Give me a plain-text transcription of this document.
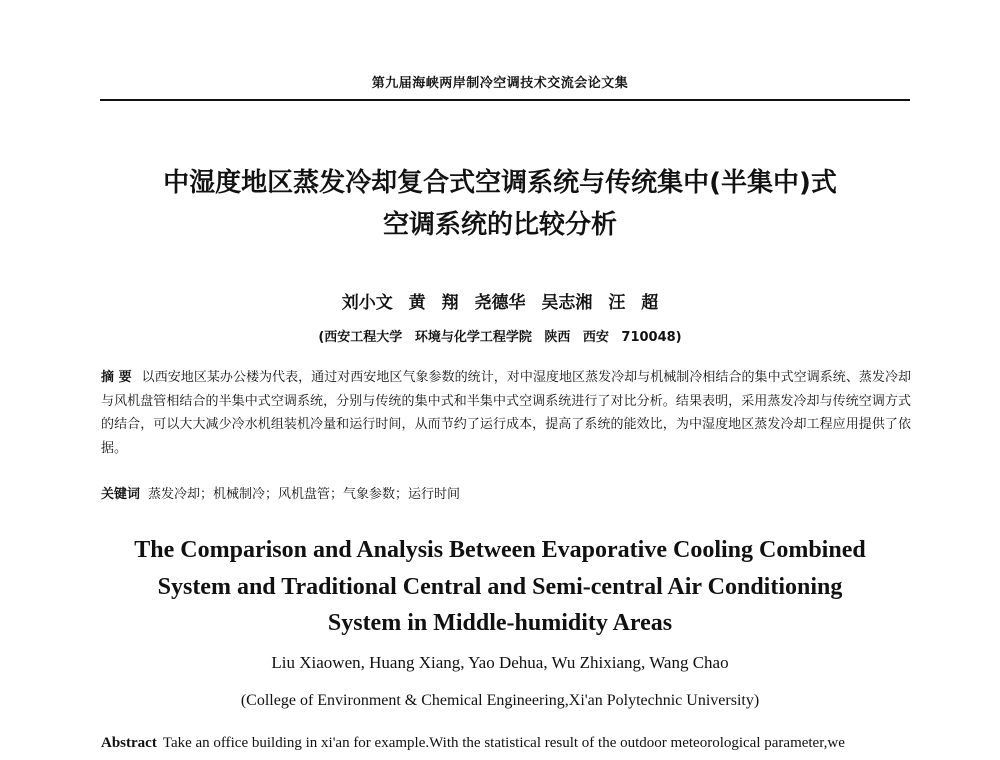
第九届海峡两岸制冷空调技术交流会论文集
中湿度地区蒸发冷却复合式空调系统与传统集中(半集中)式
空调系统的比较分析
刘小文 黄 翔 尧德华 吴志湘 汪 超
(西安工程大学 环境与化学工程学院 陕西 西安 710048)
摘 要 以西安地区某办公楼为代表，通过对西安地区气象参数的统计，对中湿度地区蒸发冷却与机械制冷相结合的集中式空调系统、蒸发冷却与风机盘管相结合的半集中式空调系统，分别与传统的集中式和半集中式空调系统进行了对比分析。结果表明，采用蒸发冷却与传统空调方式的结合，可以大大减少冷水机组装机冷量和运行时间，从而节约了运行成本，提高了系统的能效比，为中湿度地区蒸发冷却工程应用提供了依据。
关键词 蒸发冷却；机械制冷；风机盘管；气象参数；运行时间
The Comparison and Analysis Between Evaporative Cooling Combined
System and Traditional Central and Semi-central Air Conditioning
System in Middle-humidity Areas
Liu Xiaowen, Huang Xiang, Yao Dehua, Wu Zhixiang, Wang Chao
(College of Environment & Chemical Engineering,Xi'an Polytechnic University)
Abstract Take an office building in xi'an for example.With the statistical result of the outdoor meteorological parameter,we
